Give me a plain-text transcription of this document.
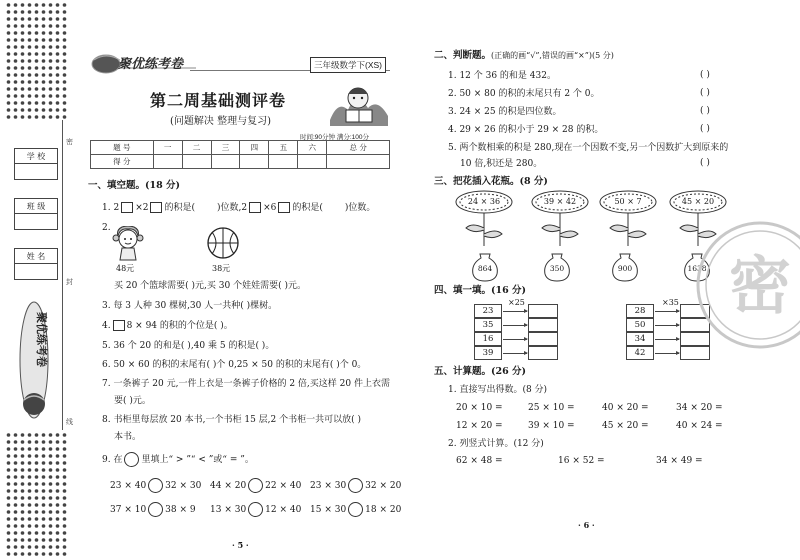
密
封
线
学 校
班 级
姓 名
聚优练考卷
聚优练考卷	三年级数学下(XS)
第二周基础测评卷
(问题解决 整理与复习)
时间:90分钟 满分:100分
题 号	一	二	三	四	五	六	总 分
得 分							
一、填空题。(18 分)
1. 2 ×2 的积是( )位数,2 ×6 的积是( )位数。
2.
48元	38元
买 20 个篮球需要( )元,买 30 个娃娃需要( )元。
3. 每 3 人种 30 棵树,30 人一共种( )棵树。
4. 8 × 94 的积的个位是( )。
5. 36 个 20 的和是( ),40 乘 5 的积是( )。
6. 50 × 60 的积的末尾有( )个 0,25 × 50 的积的末尾有( )个 0。
7. 一条裤子 20 元,一件上衣是一条裤子价格的 2 倍,买这样 20 件上衣需
要( )元。
8. 书柜里每层放 20 本书,一个书柜 15 层,2 个书柜一共可以放( )
本书。
9. 在 里填上“ > ”“ < ”或“ = ”。
23 × 40 32 × 30 44 × 20 22 × 40 23 × 30 32 × 20
37 × 10 38 × 9 13 × 30 12 × 40 15 × 30 18 × 20
· 5 ·
二、判断题。(正确的画“√”,错误的画“×”)(5 分)
1. 12 个 36 的和是 432。	( )
2. 50 × 80 的积的末尾只有 2 个 0。	( )
3. 24 × 25 的积是四位数。	( )
4. 29 × 26 的积小于 29 × 28 的积。	( )
5. 两个数相乘的积是 280,现在一个因数不变,另一个因数扩大到原来的
10 倍,积还是 280。	( )
三、把花插入花瓶。(8 分)
24 × 36	39 × 42	50 × 7	45 × 20
864	350	900	1638
四、填一填。(16 分)
×25
23
35
16
39
×35
28
50
34
42
五、计算题。(26 分)
1. 直接写出得数。(8 分)
20 × 10 =	25 × 10 =	40 × 20 =	34 × 20 =
12 × 20 =	39 × 10 =	45 × 20 =	40 × 24 =
2. 列竖式计算。(12 分)
62 × 48 =	16 × 52 =	34 × 49 =
密
· 6 ·
